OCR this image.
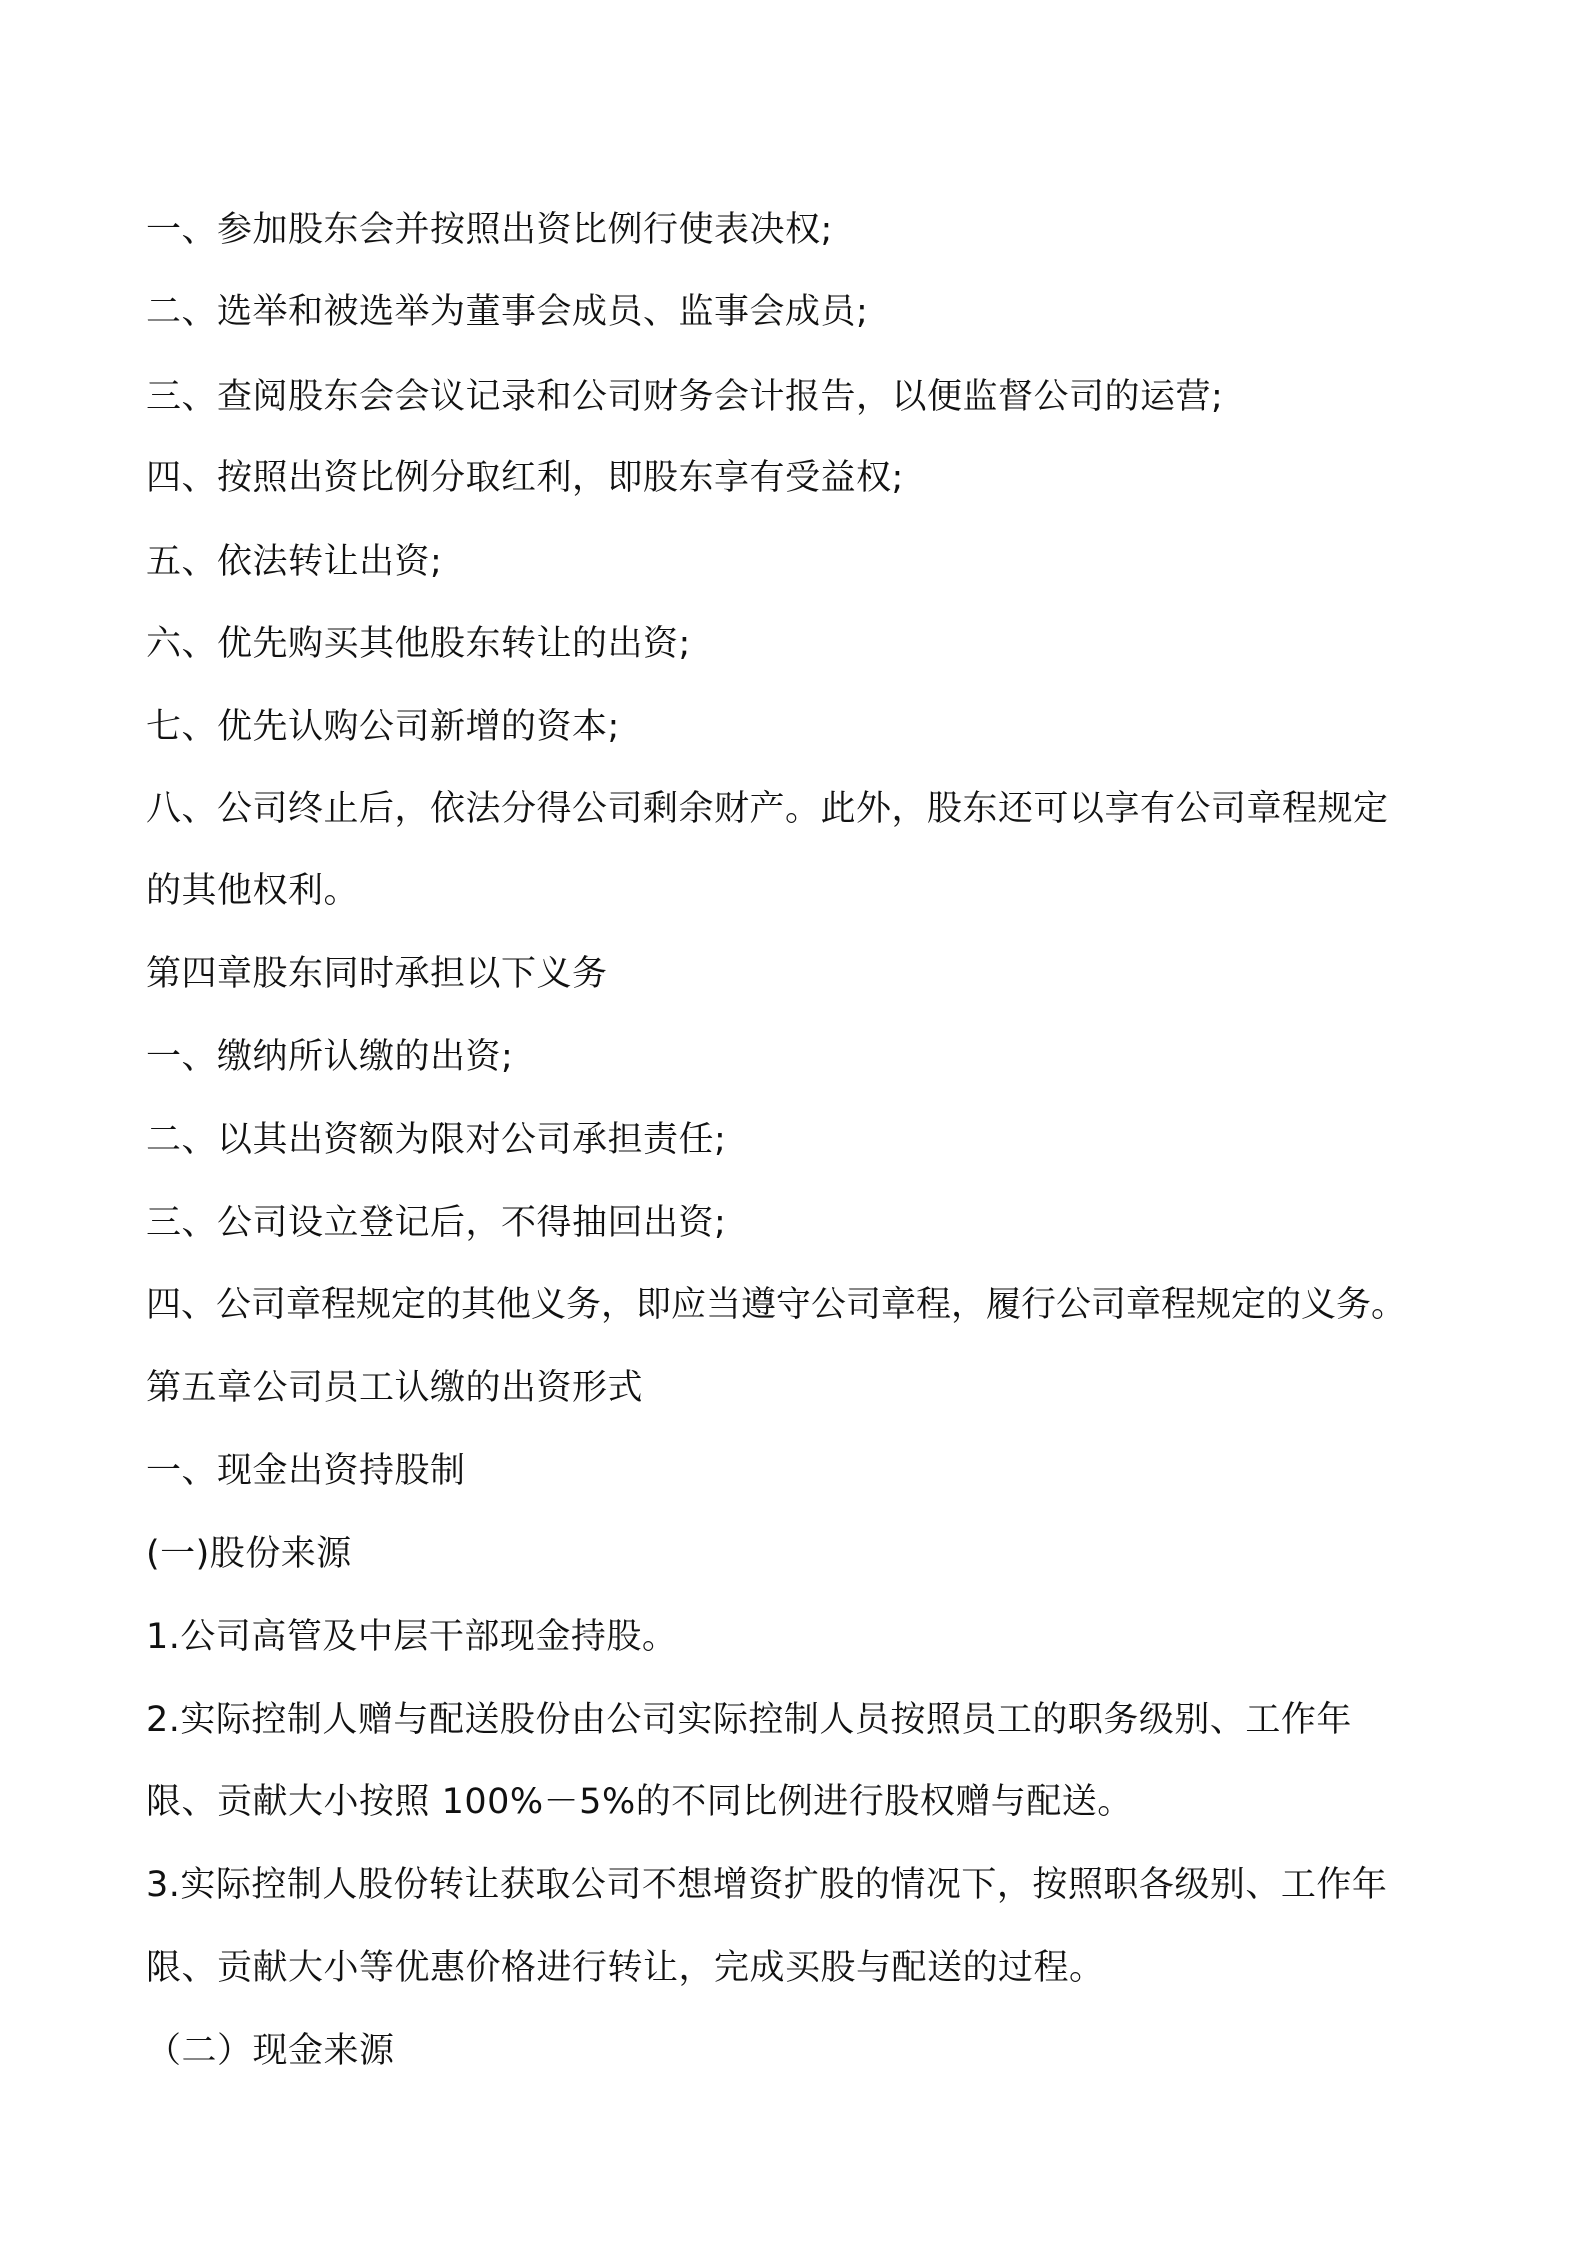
一、参加股东会并按照出资比例行使表决权;
二、选举和被选举为董事会成员、监事会成员;
三、查阅股东会会议记录和公司财务会计报告，以便监督公司的运营;
四、按照出资比例分取红利，即股东享有受益权;
五、依法转让出资;
六、优先购买其他股东转让的出资;
七、优先认购公司新增的资本;
八、公司终止后，依法分得公司剩余财产。此外，股东还可以享有公司章程规定
的其他权利。
第四章股东同时承担以下义务
一、缴纳所认缴的出资;
二、以其出资额为限对公司承担责任;
三、公司设立登记后，不得抽回出资;
四、公司章程规定的其他义务，即应当遵守公司章程，履行公司章程规定的义务。
第五章公司员工认缴的出资形式
一、现金出资持股制
(一)股份来源
1.公司高管及中层干部现金持股。
2.实际控制人赠与配送股份由公司实际控制人员按照员工的职务级别、工作年
限、贡献大小按照 100%－5%的不同比例进行股权赠与配送。
3.实际控制人股份转让获取公司不想增资扩股的情况下，按照职各级别、工作年
限、贡献大小等优惠价格进行转让，完成买股与配送的过程。
（二）现金来源
